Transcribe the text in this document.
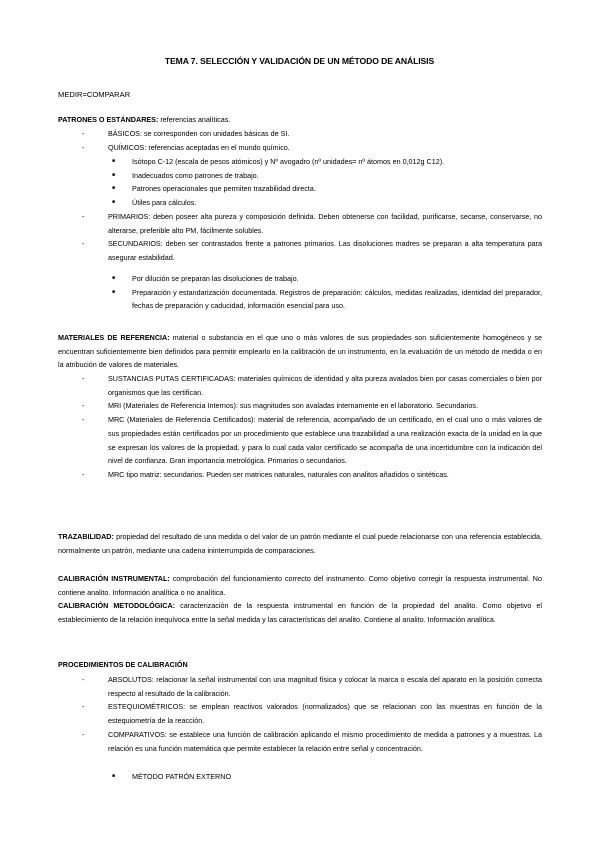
TEMA 7. SELECCIÓN Y VALIDACIÓN DE UN MÉTODO DE ANÁLISIS
MEDIR=COMPARAR
PATRONES O ESTÁNDARES: referencias analíticas.
-	BÁSICOS: se corresponden con unidades básicas de SI.
-	QUÍMICOS: referencias aceptadas en el mundo químico.
■ Isótopo C-12 (escala de pesos atómicos) y Nº avogadro (nº unidades= nº átomos en 0,012g C12).
■ Inadecuados como patrones de trabajo.
■ Patrones operacionales que permiten trazabilidad directa.
■ Útiles para cálculos.
-	PRIMARIOS: deben poseer alta pureza y composición definida. Deben obtenerse con facilidad, purificarse, secarse, conservarse, no alterarse, preferible alto PM, fácilmente solubles.
-	SECUNDARIOS: deben ser contrastados frente a patrones primarios. Las disoluciones madres se preparan a alta temperatura para asegurar estabilidad.
■ Por dilución se preparan las disoluciones de trabajo.
■ Preparación y estandarización documentada. Registros de preparación: cálculos, medidas realizadas, identidad del preparador, fechas de preparación y caducidad, información esencial para uso.

MATERIALES DE REFERENCIA: material o substancia en el que uno o más valores de sus propiedades son suficientemente homogéneos y se encuentran suficientemente bien definidos para permitir emplearlo en la calibración de un instrumento, en la evaluación de un método de medida o en la atribución de valores de materiales.

-	SUSTANCIAS PUTAS CERTIFICADAS: materiales químicos de identidad y alta pureza avalados bien por casas comerciales o bien por organismos que las certifican.
-	MRI (Materiales de Referencia Internos): sus magnitudes son avaladas internamente en el laboratorio. Secundarios.
-	MRC (Materiales de Referencia Certificados): material de referencia, acompañado de un certificado, en el cual uno o más valores de sus propiedades están certificados por un procedimiento que establece una trazabilidad a una realización exacta de la unidad en la que se expresan los valores de la propiedad, y para lo cual cada valor certificado se acompaña de una incertidumbre con la indicación del nivel de confianza. Gran importancia metrológica. Primarios o secundarios.
-	MRC tipo matriz: secundarios. Pueden ser matrices naturales, naturales con analitos añadidos o sintéticas.

TRAZABILIDAD: propiedad del resultado de una medida o del valor de un patrón mediante el cual puede relacionarse con una referencia establecida, normalmente un patrón, mediante una cadena ininterrumpida de comparaciones.

CALIBRACIÓN INSTRUMENTAL: comprobación del funcionamiento correcto del instrumento. Como objetivo corregir la respuesta instrumental. No contiene analito. Información analítica o no analítica.

CALIBRACIÓN METODOLÓGICA: caracterización de la respuesta instrumental en función de la propiedad del analito. Como objetivo el establecimiento de la relación inequívoca entre la señal medida y las características del analito. Contiene al analito. Información analítica.

PROCEDIMIENTOS DE CALIBRACIÓN
-	ABSOLUTOS: relacionar la señal instrumental con una magnitud física y colocar la marca o escala del aparato en la posición correcta respecto al resultado de la calibración.
-	ESTEQUIOMÉTRICOS: se emplean reactivos valorados (normalizados) que se relacionan con las muestras en función de la estequiometría de la reacción.
-	COMPARATIVOS: se establece una función de calibración aplicando el mismo procedimiento de medida a patrones y a muestras. La relación es una función matemática que permite establecer la relación entre señal y concentración.
■ MÉTODO PATRÓN EXTERNO
